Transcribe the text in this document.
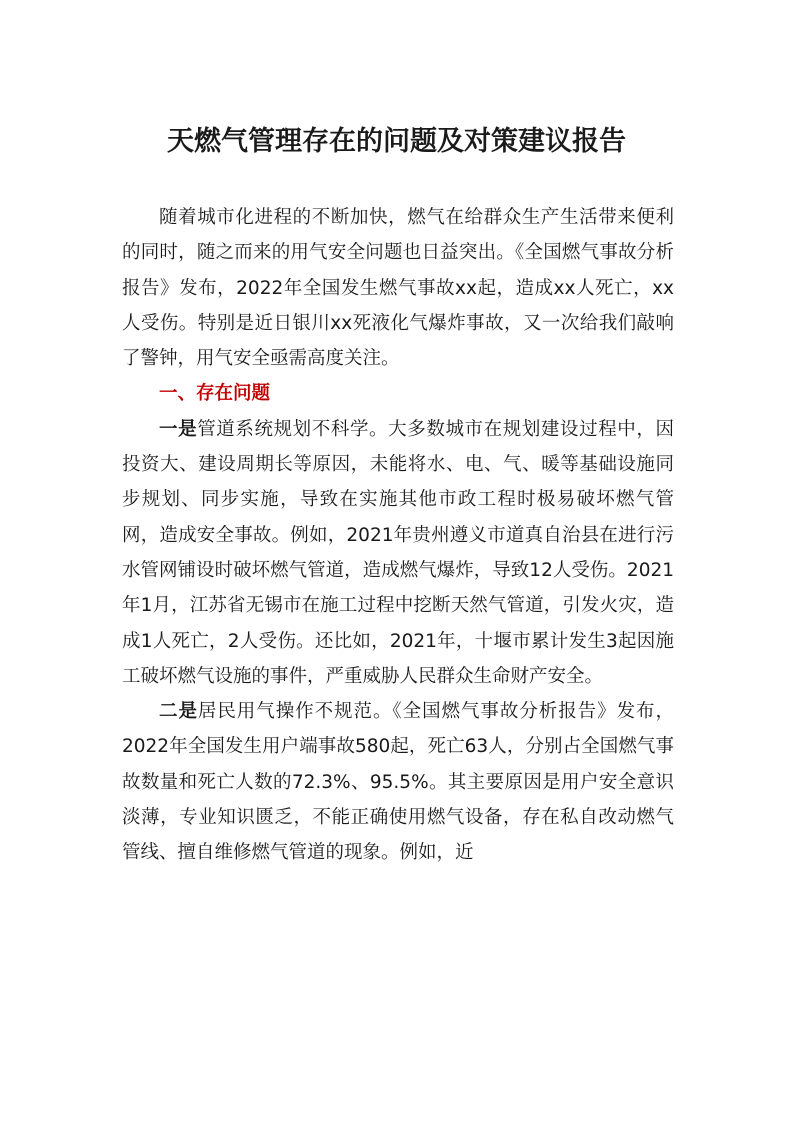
天燃气管理存在的问题及对策建议报告

随着城市化进程的不断加快，燃气在给群众生产生活带来便利的同时，随之而来的用气安全问题也日益突出。《全国燃气事故分析报告》发布，2022年全国发生燃气事故xx起，造成xx人死亡，xx人受伤。特别是近日银川xx死液化气爆炸事故，又一次给我们敲响了警钟，用气安全亟需高度关注。

一、存在问题

一是管道系统规划不科学。大多数城市在规划建设过程中，因投资大、建设周期长等原因，未能将水、电、气、暖等基础设施同步规划、同步实施，导致在实施其他市政工程时极易破坏燃气管网，造成安全事故。例如，2021年贵州遵义市道真自治县在进行污水管网铺设时破坏燃气管道，造成燃气爆炸，导致12人受伤。2021年1月，江苏省无锡市在施工过程中挖断天然气管道，引发火灾，造成1人死亡，2人受伤。还比如，2021年，十堰市累计发生3起因施工破坏燃气设施的事件，严重威胁人民群众生命财产安全。

二是居民用气操作不规范。《全国燃气事故分析报告》发布，2022年全国发生用户端事故580起，死亡63人，分别占全国燃气事故数量和死亡人数的72.3%、95.5%。其主要原因是用户安全意识淡薄，专业知识匮乏，不能正确使用燃气设备，存在私自改动燃气管线、擅自维修燃气管道的现象。例如，近
